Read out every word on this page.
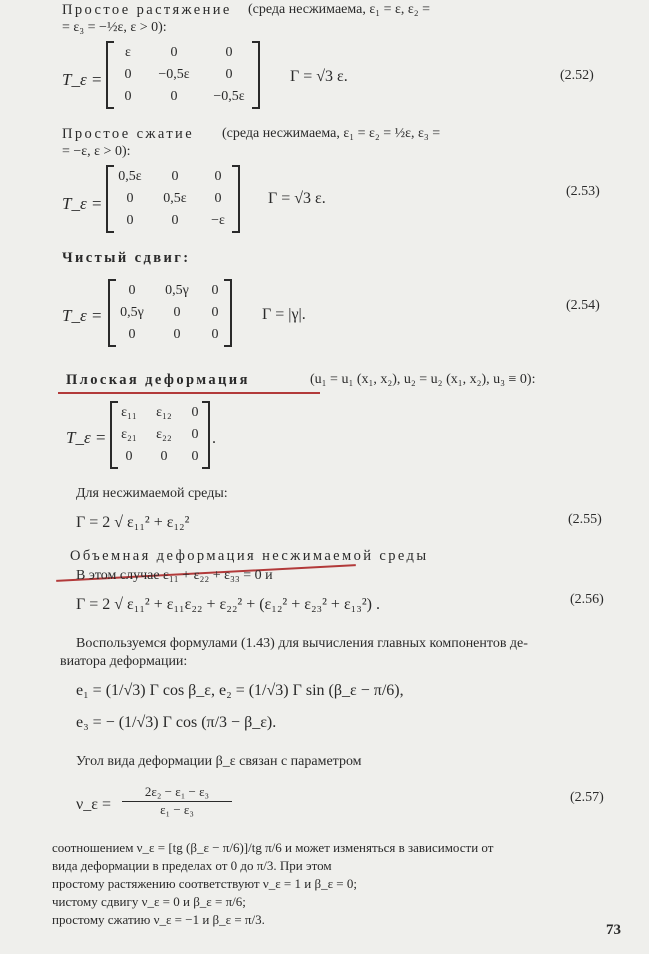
Простое растяжение (среда несжимаема, ε₁ = ε, ε₂ =
= ε₃ = −½ε, ε > 0):
T_ε =
ε	0	0
0	−0,5ε	0
0	0	−0,5ε
Γ = √3 ε.	(2.52)
Простое сжатие (среда несжимаема, ε₁ = ε₂ = ½ε, ε₃ =
= −ε, ε > 0):
T_ε =
0,5ε	0	0
0	0,5ε	0
0	0	−ε
Γ = √3 ε.	(2.53)
Чистый сдвиг:
T_ε =
0	0,5γ	0
0,5γ	0	0
0	0	0
Γ = |γ|.
(2.54)
Плоская деформация	(u₁ = u₁ (x₁, x₂), u₂ = u₂ (x₁, x₂), u₃ ≡ 0):
T_ε =
ε₁₁	ε₁₂	0
ε₂₁	ε₂₂	0
0	0	0
.
Для несжимаемой среды:
Γ = 2 √ ε₁₁² + ε₁₂²	(2.55)
Объемная деформация несжимаемой среды
В этом случае ε₁₁ + ε₂₂ + ε₃₃ = 0 и
Γ = 2 √ ε₁₁² + ε₁₁ε₂₂ + ε₂₂² + (ε₁₂² + ε₂₃² + ε₁₃²) .	(2.56)
Воспользуемся формулами (1.43) для вычисления главных компонентов де-
виатора деформации:
e₁ = (1/√3) Γ cos β_ε, e₂ = (1/√3) Γ sin (β_ε − π/6),
e₃ = − (1/√3) Γ cos (π/3 − β_ε).
Угол вида деформации β_ε связан с параметром
ν_ε = $\frac{\text{2ε₂ − ε₁ − ε₃}}{\text{ε₁ − ε₃}}$	(2.57)
соотношением ν_ε = [tg (β_ε − π/6)]/tg π/6 и может изменяться в зависимости от
вида деформации в пределах от 0 до π/3. При этом
простому растяжению соответствуют ν_ε = 1 и β_ε = 0;
чистому сдвигу ν_ε = 0 и β_ε = π/6;
простому сжатию ν_ε = −1 и β_ε = π/3.
73
